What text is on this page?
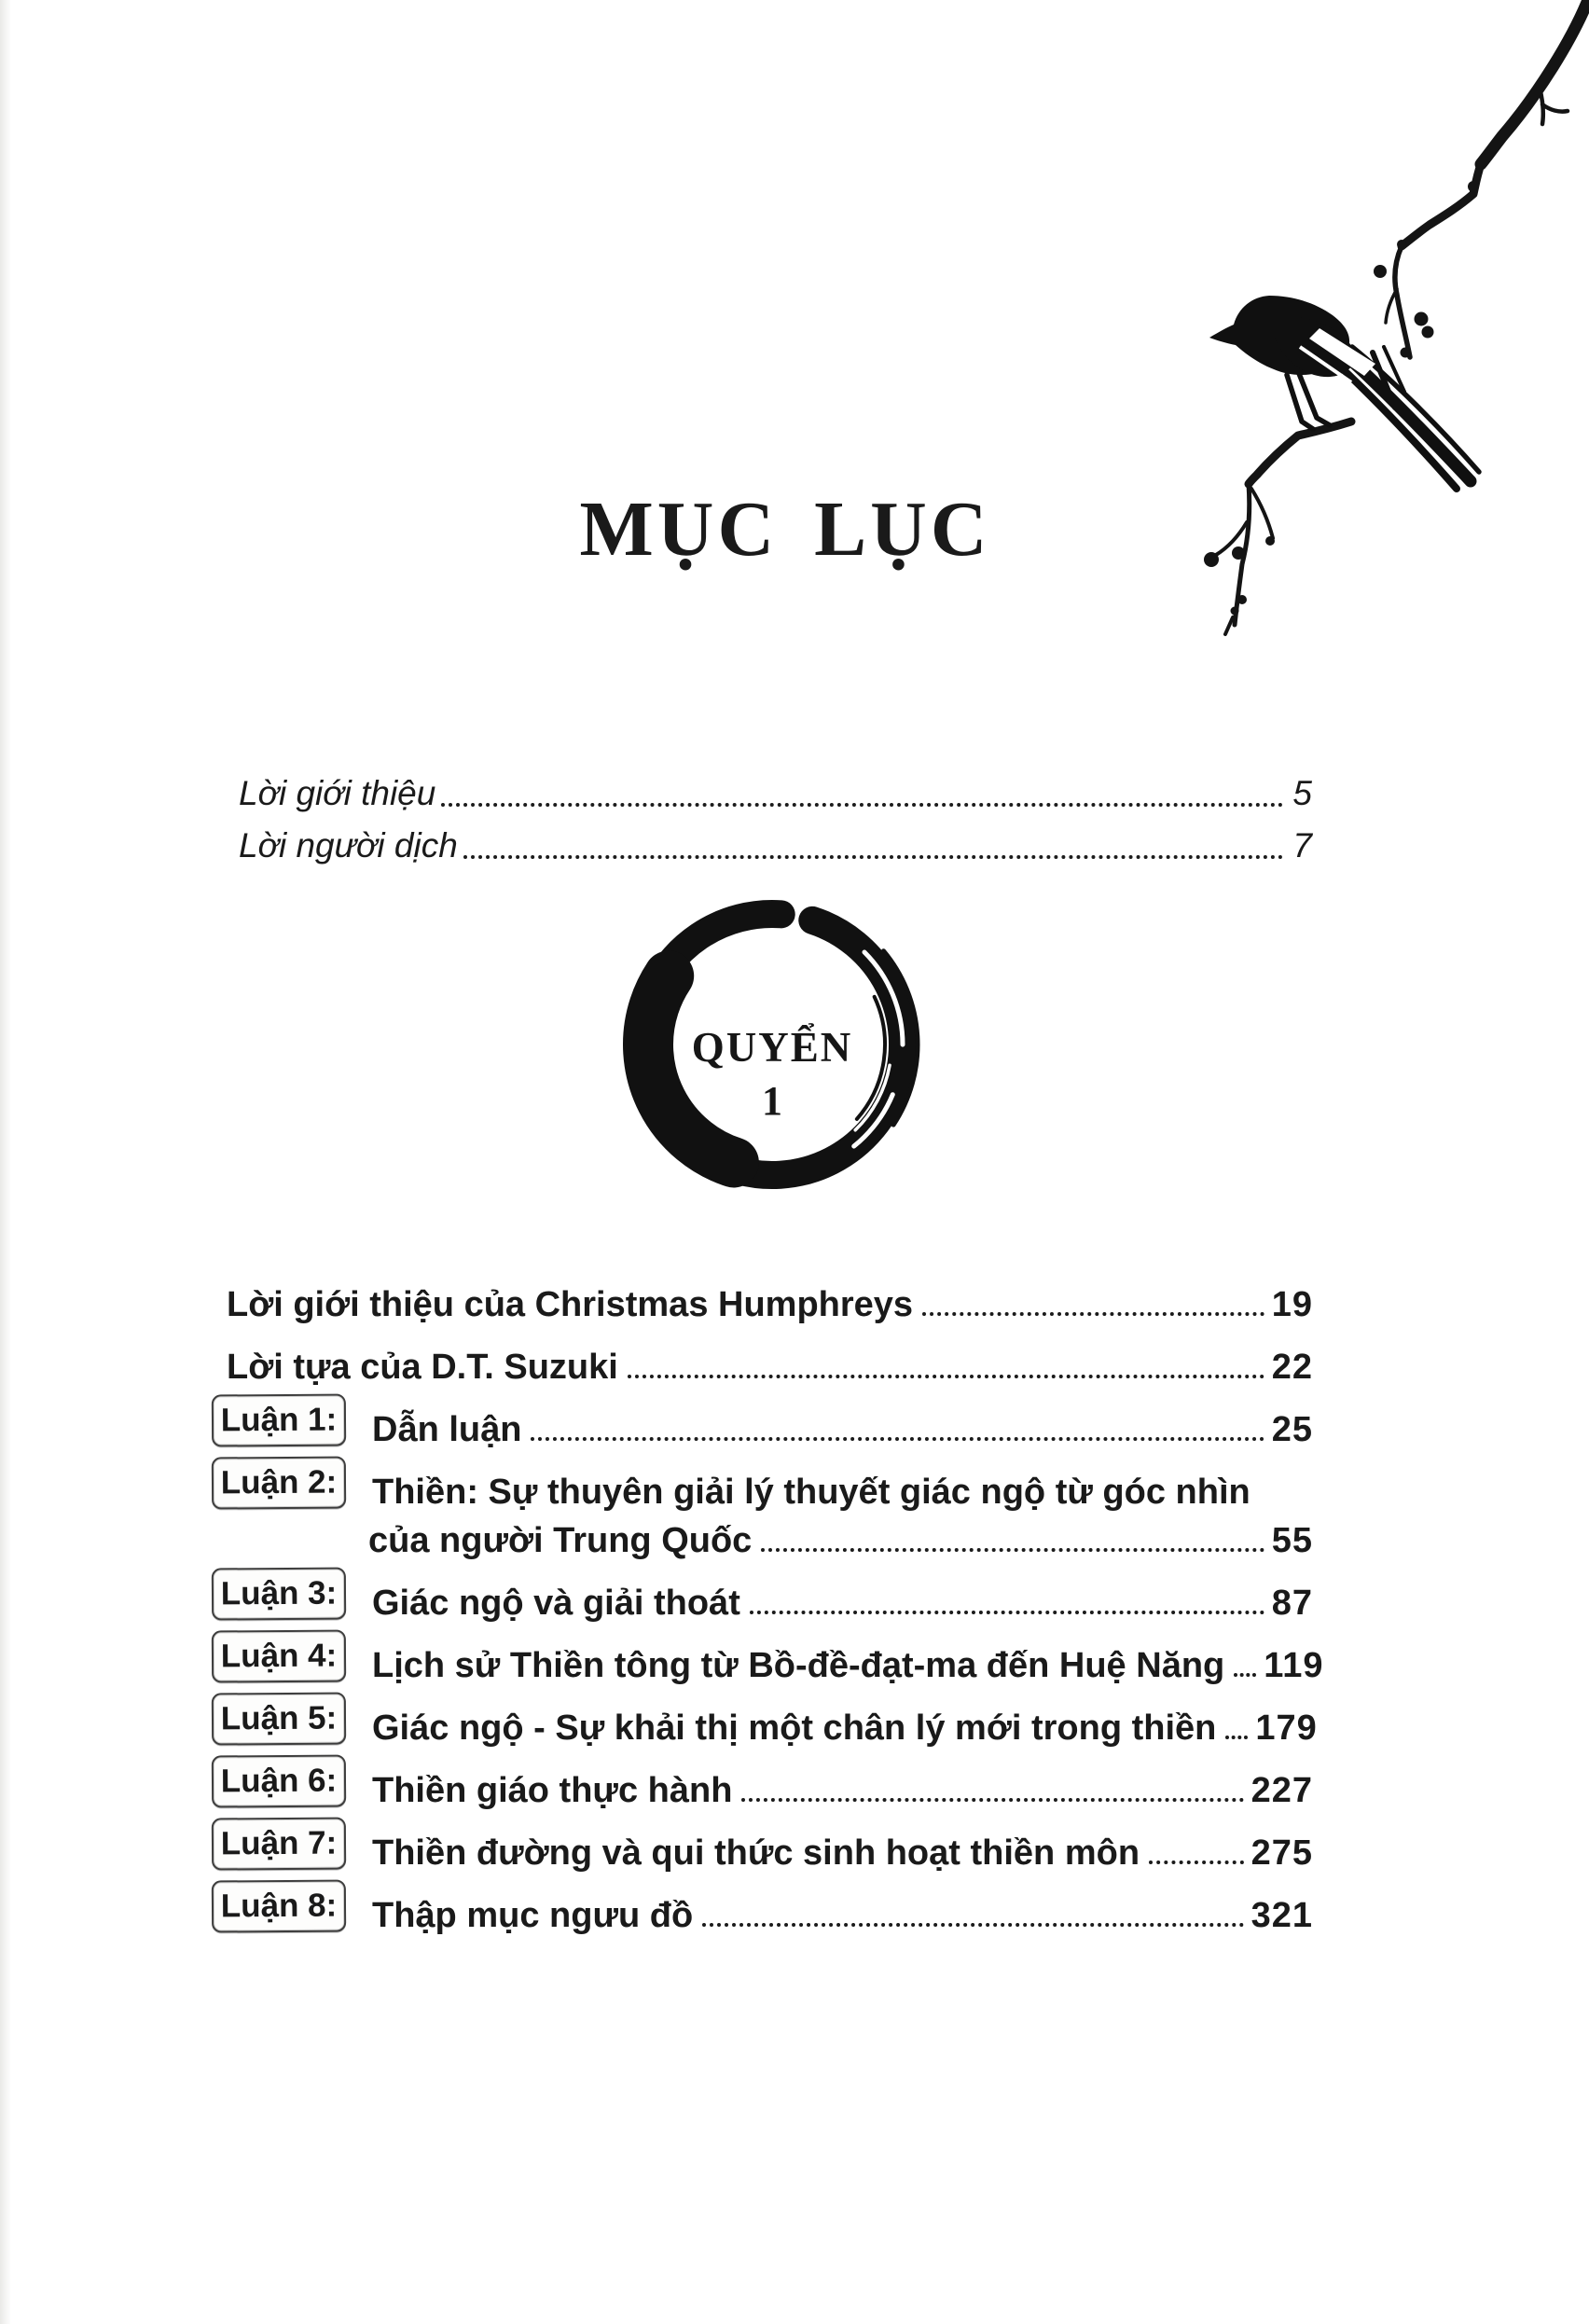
MỤC LỤC
Lời giới thiệu	5
Lời người dịch	7
QUYỂN
1
Lời giới thiệu của Christmas Humphreys	19
Lời tựa của D.T. Suzuki	22
Luận 1: Dẫn luận	25
Luận 2: Thiền: Sự thuyên giải lý thuyết giác ngộ từ góc nhìn
của người Trung Quốc	55
Luận 3: Giác ngộ và giải thoát	87
Luận 4: Lịch sử Thiền tông từ Bồ-đề-đạt-ma đến Huệ Năng 119
Luận 5: Giác ngộ - Sự khải thị một chân lý mới trong thiền 179
Luận 6: Thiền giáo thực hành	227
Luận 7: Thiền đường và qui thức sinh hoạt thiền môn	275
Luận 8: Thập mục ngưu đồ	321
